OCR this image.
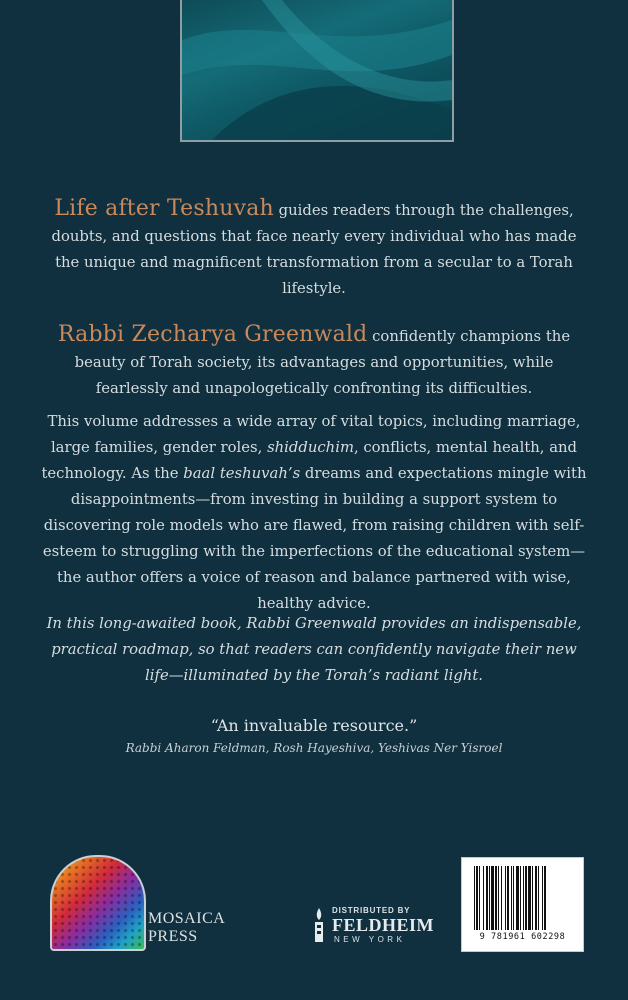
Life after Teshuvah guides readers through the challenges, doubts, and questions that face nearly every individual who has made the unique and magnificent transformation from a secular to a Torah lifestyle.
Rabbi Zecharya Greenwald confidently champions the beauty of Torah society, its advantages and opportunities, while fearlessly and unapologetically confronting its difficulties.
This volume addresses a wide array of vital topics, including marriage, large families, gender roles, shidduchim, conflicts, mental health, and technology. As the baal teshuvah’s dreams and expectations mingle with disappointments—from investing in building a support system to discovering role models who are flawed, from raising children with self-esteem to struggling with the imperfections of the educational system—the author offers a voice of reason and balance partnered with wise, healthy advice.
In this long-awaited book, Rabbi Greenwald provides an indispensable, practical roadmap, so that readers can confidently navigate their new life—illuminated by the Torah’s radiant light.
“An invaluable resource.”
Rabbi Aharon Feldman, Rosh Hayeshiva, Yeshivas Ner Yisroel
MOSAICA
PRESS
DISTRIBUTED BY
FELDHEIM
NEW YORK	9 781961 602298
